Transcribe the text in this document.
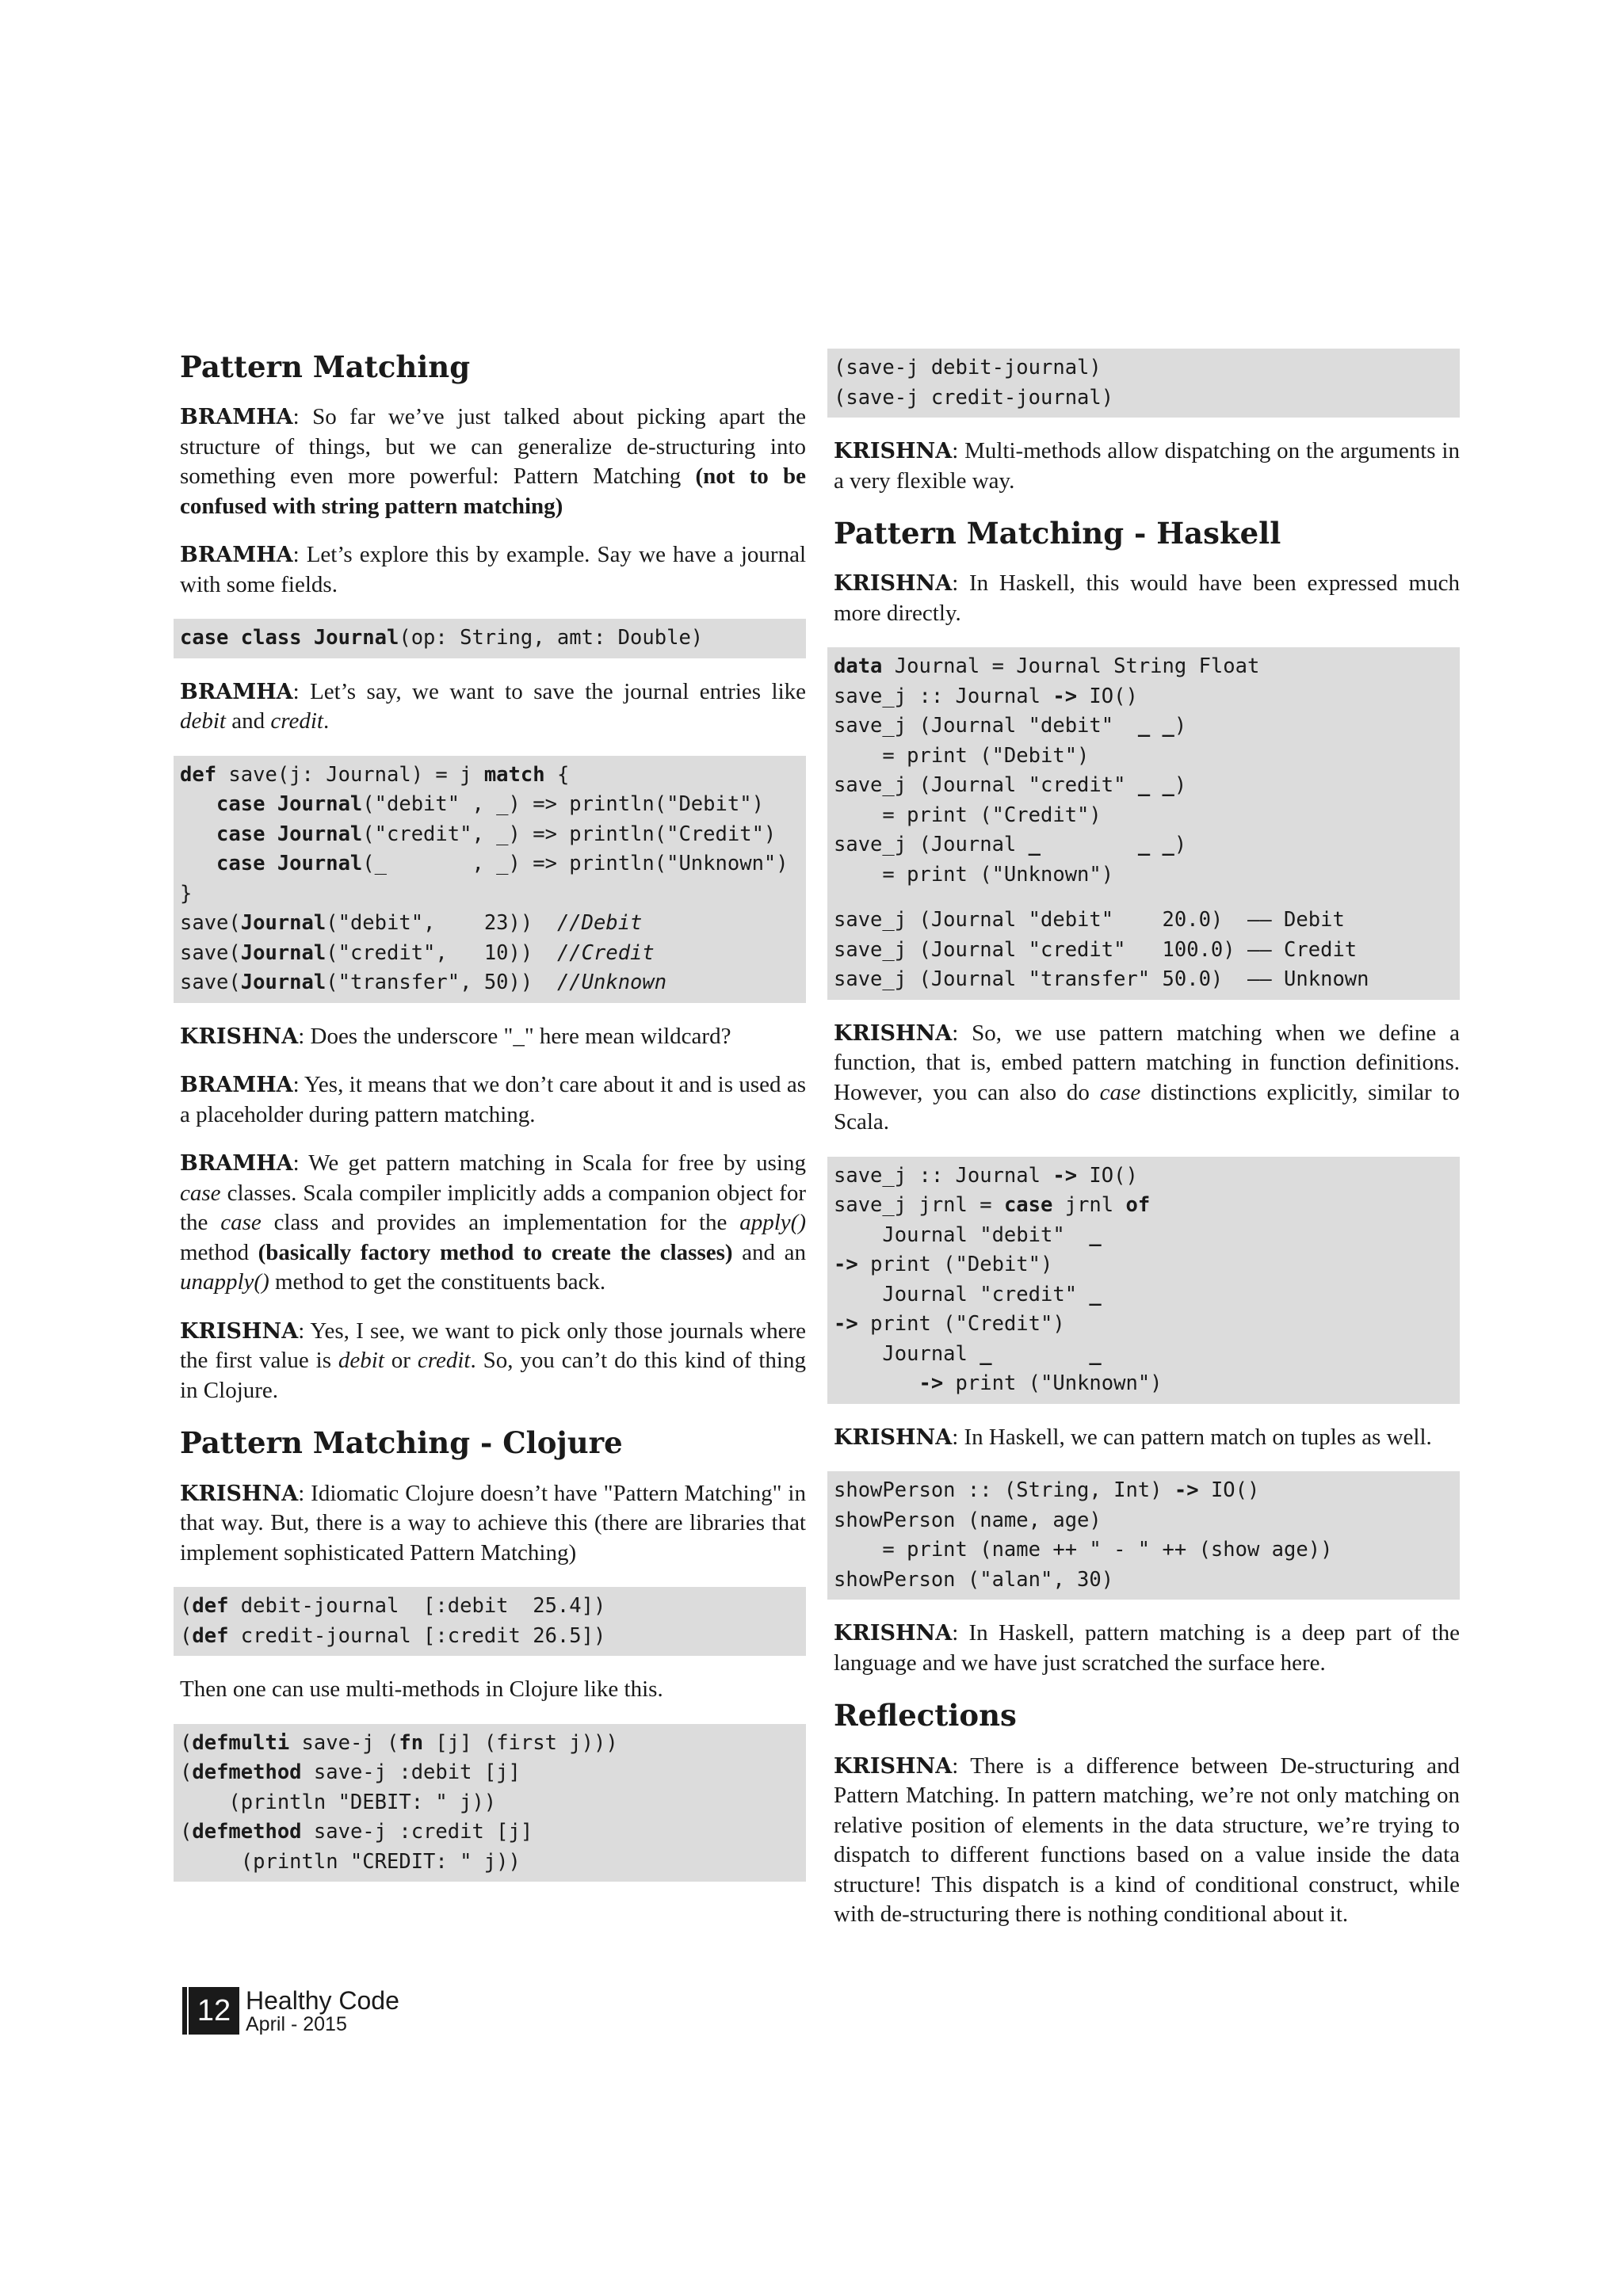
Pattern Matching

BRAMHA: So far we’ve just talked about picking apart the structure of things, but we can generalize de-structuring into something even more powerful: Pattern Matching (not to be confused with string pattern matching)

BRAMHA: Let’s explore this by example. Say we have a journal with some fields.

case class Journal(op: String, amt: Double)

BRAMHA: Let’s say, we want to save the journal entries like debit and credit.

def save(j: Journal) = j match {
case Journal("debit" , _) => println("Debit")
case Journal("credit", _) => println("Credit")
case Journal(_       , _) => println("Unknown")
}
save(Journal("debit",    23))  //Debit
save(Journal("credit",   10))  //Credit
save(Journal("transfer", 50))  //Unknown

KRISHNA: Does the underscore "_" here mean wildcard?

BRAMHA: Yes, it means that we don’t care about it and is used as a placeholder during pattern matching.

BRAMHA: We get pattern matching in Scala for free by using case classes. Scala compiler implicitly adds a companion object for the case class and provides an implementation for the apply() method (basically factory method to create the classes) and an unapply() method to get the constituents back.

KRISHNA: Yes, I see, we want to pick only those journals where the first value is debit or credit. So, you can’t do this kind of thing in Clojure.

Pattern Matching - Clojure

KRISHNA: Idiomatic Clojure doesn’t have "Pattern Matching" in that way. But, there is a way to achieve this (there are libraries that implement sophisticated Pattern Matching)

(def debit-journal  [:debit  25.4])
(def credit-journal [:credit 26.5])

Then one can use multi-methods in Clojure like this.

(defmulti save-j (fn [j] (first j)))
(defmethod save-j :debit [j]
(println "DEBIT: " j))
(defmethod save-j :credit [j]
(println "CREDIT: " j))
(save-j debit-journal)
(save-j credit-journal)

KRISHNA: Multi-methods allow dispatching on the arguments in a very flexible way.

Pattern Matching - Haskell

KRISHNA: In Haskell, this would have been expressed much more directly.

data Journal = Journal String Float
save_j :: Journal -> IO()
save_j (Journal "debit"  _ _)
= print ("Debit")
save_j (Journal "credit" _ _)
= print ("Credit")
save_j (Journal _	_ _)
= print ("Unknown")
save_j (Journal "debit"    20.0)  –– Debit
save_j (Journal "credit"   100.0) –– Credit
save_j (Journal "transfer" 50.0)  –– Unknown

KRISHNA: So, we use pattern matching when we define a function, that is, embed pattern matching in function definitions. However, you can also do case distinctions explicitly, similar to Scala.

save_j :: Journal -> IO()
save_j jrnl = case jrnl of
Journal "debit"  _
-> print ("Debit")
Journal "credit" _
-> print ("Credit")
Journal _	_
-> print ("Unknown")

KRISHNA: In Haskell, we can pattern match on tuples as well.

showPerson :: (String, Int) -> IO()
showPerson (name, age)
= print (name ++ " - " ++ (show age))
showPerson ("alan", 30)

KRISHNA: In Haskell, pattern matching is a deep part of the language and we have just scratched the surface here.

Reflections

KRISHNA: There is a difference between De-structuring and Pattern Matching. In pattern matching, we’re not only matching on relative position of elements in the data structure, we’re trying to dispatch to different functions based on a value inside the data structure! This dispatch is a kind of conditional construct, while with de-structuring there is nothing conditional about it.

12 Healthy Code
April - 2015
